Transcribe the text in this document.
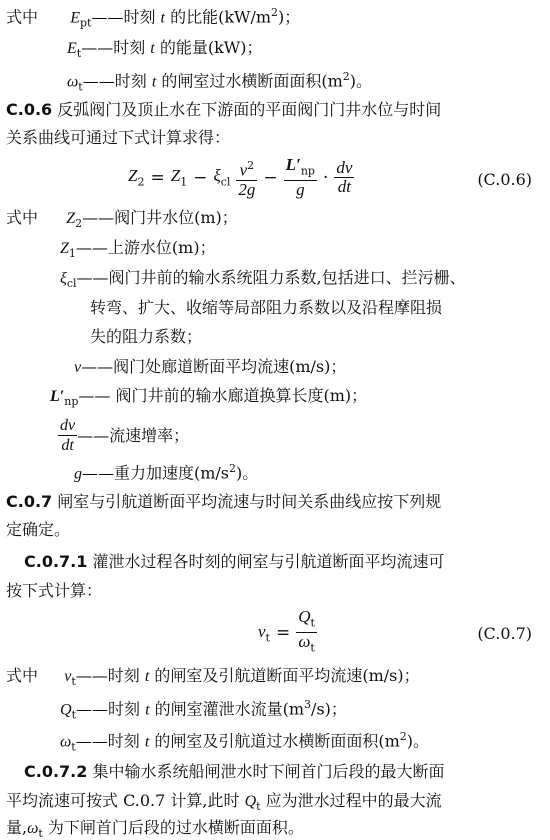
式中 $E_{pt}——$时刻 t 的比能$(kW/m^2)$；
$E_t——$时刻 t 的能量(kW)；
$\omega_t——$时刻 t 的闸室过水横断面面积$(m^2)$。
C.0.6 反弧阀门及顶止水在下游面的平面阀门门井水位与时间
关系曲线可通过下式计算求得：
$Z_2 = Z_1 - \xi_{cl} \frac{v^2}{2g} - \frac{L'_{np}}{g} \cdot \frac{dv}{dt}$	(C.0.6)
式中 $Z_2——$阀门井水位(m)；
$Z_1——$上游水位(m)；
$\xi_{cl}——$阀门井前的输水系统阻力系数,包括进口、拦污栅、
转弯、扩大、收缩等局部阻力系数以及沿程摩阻损
失的阻力系数；
v——阀门处廊道断面平均流速(m/s)；
$L'_{np}——$ 阀门井前的输水廊道换算长度(m)；
$\frac{dv}{dt}$ ——流速增率；
g——重力加速度$(m/s^2)$。
C.0.7 闸室与引航道断面平均流速与时间关系曲线应按下列规
定确定。
C.0.7.1 灌泄水过程各时刻的闸室与引航道断面平均流速可
按下式计算：
$v_t = \frac{Q_t}{\omega_t}$	(C.0.7)
式中 $v_t——$时刻 t 的闸室及引航道断面平均流速(m/s)；
$Q_t——$时刻 t 的闸室灌泄水流量$(m^3/s)$；
$\omega_t——$时刻 t 的闸室及引航道过水横断面面积$(m^2)$。
C.0.7.2 集中输水系统船闸泄水时下闸首门后段的最大断面
平均流速可按式 C.0.7 计算,此时 $Q_t$ 应为泄水过程中的最大流
量$,\omega_t$ 为下闸首门后段的过水横断面面积。
